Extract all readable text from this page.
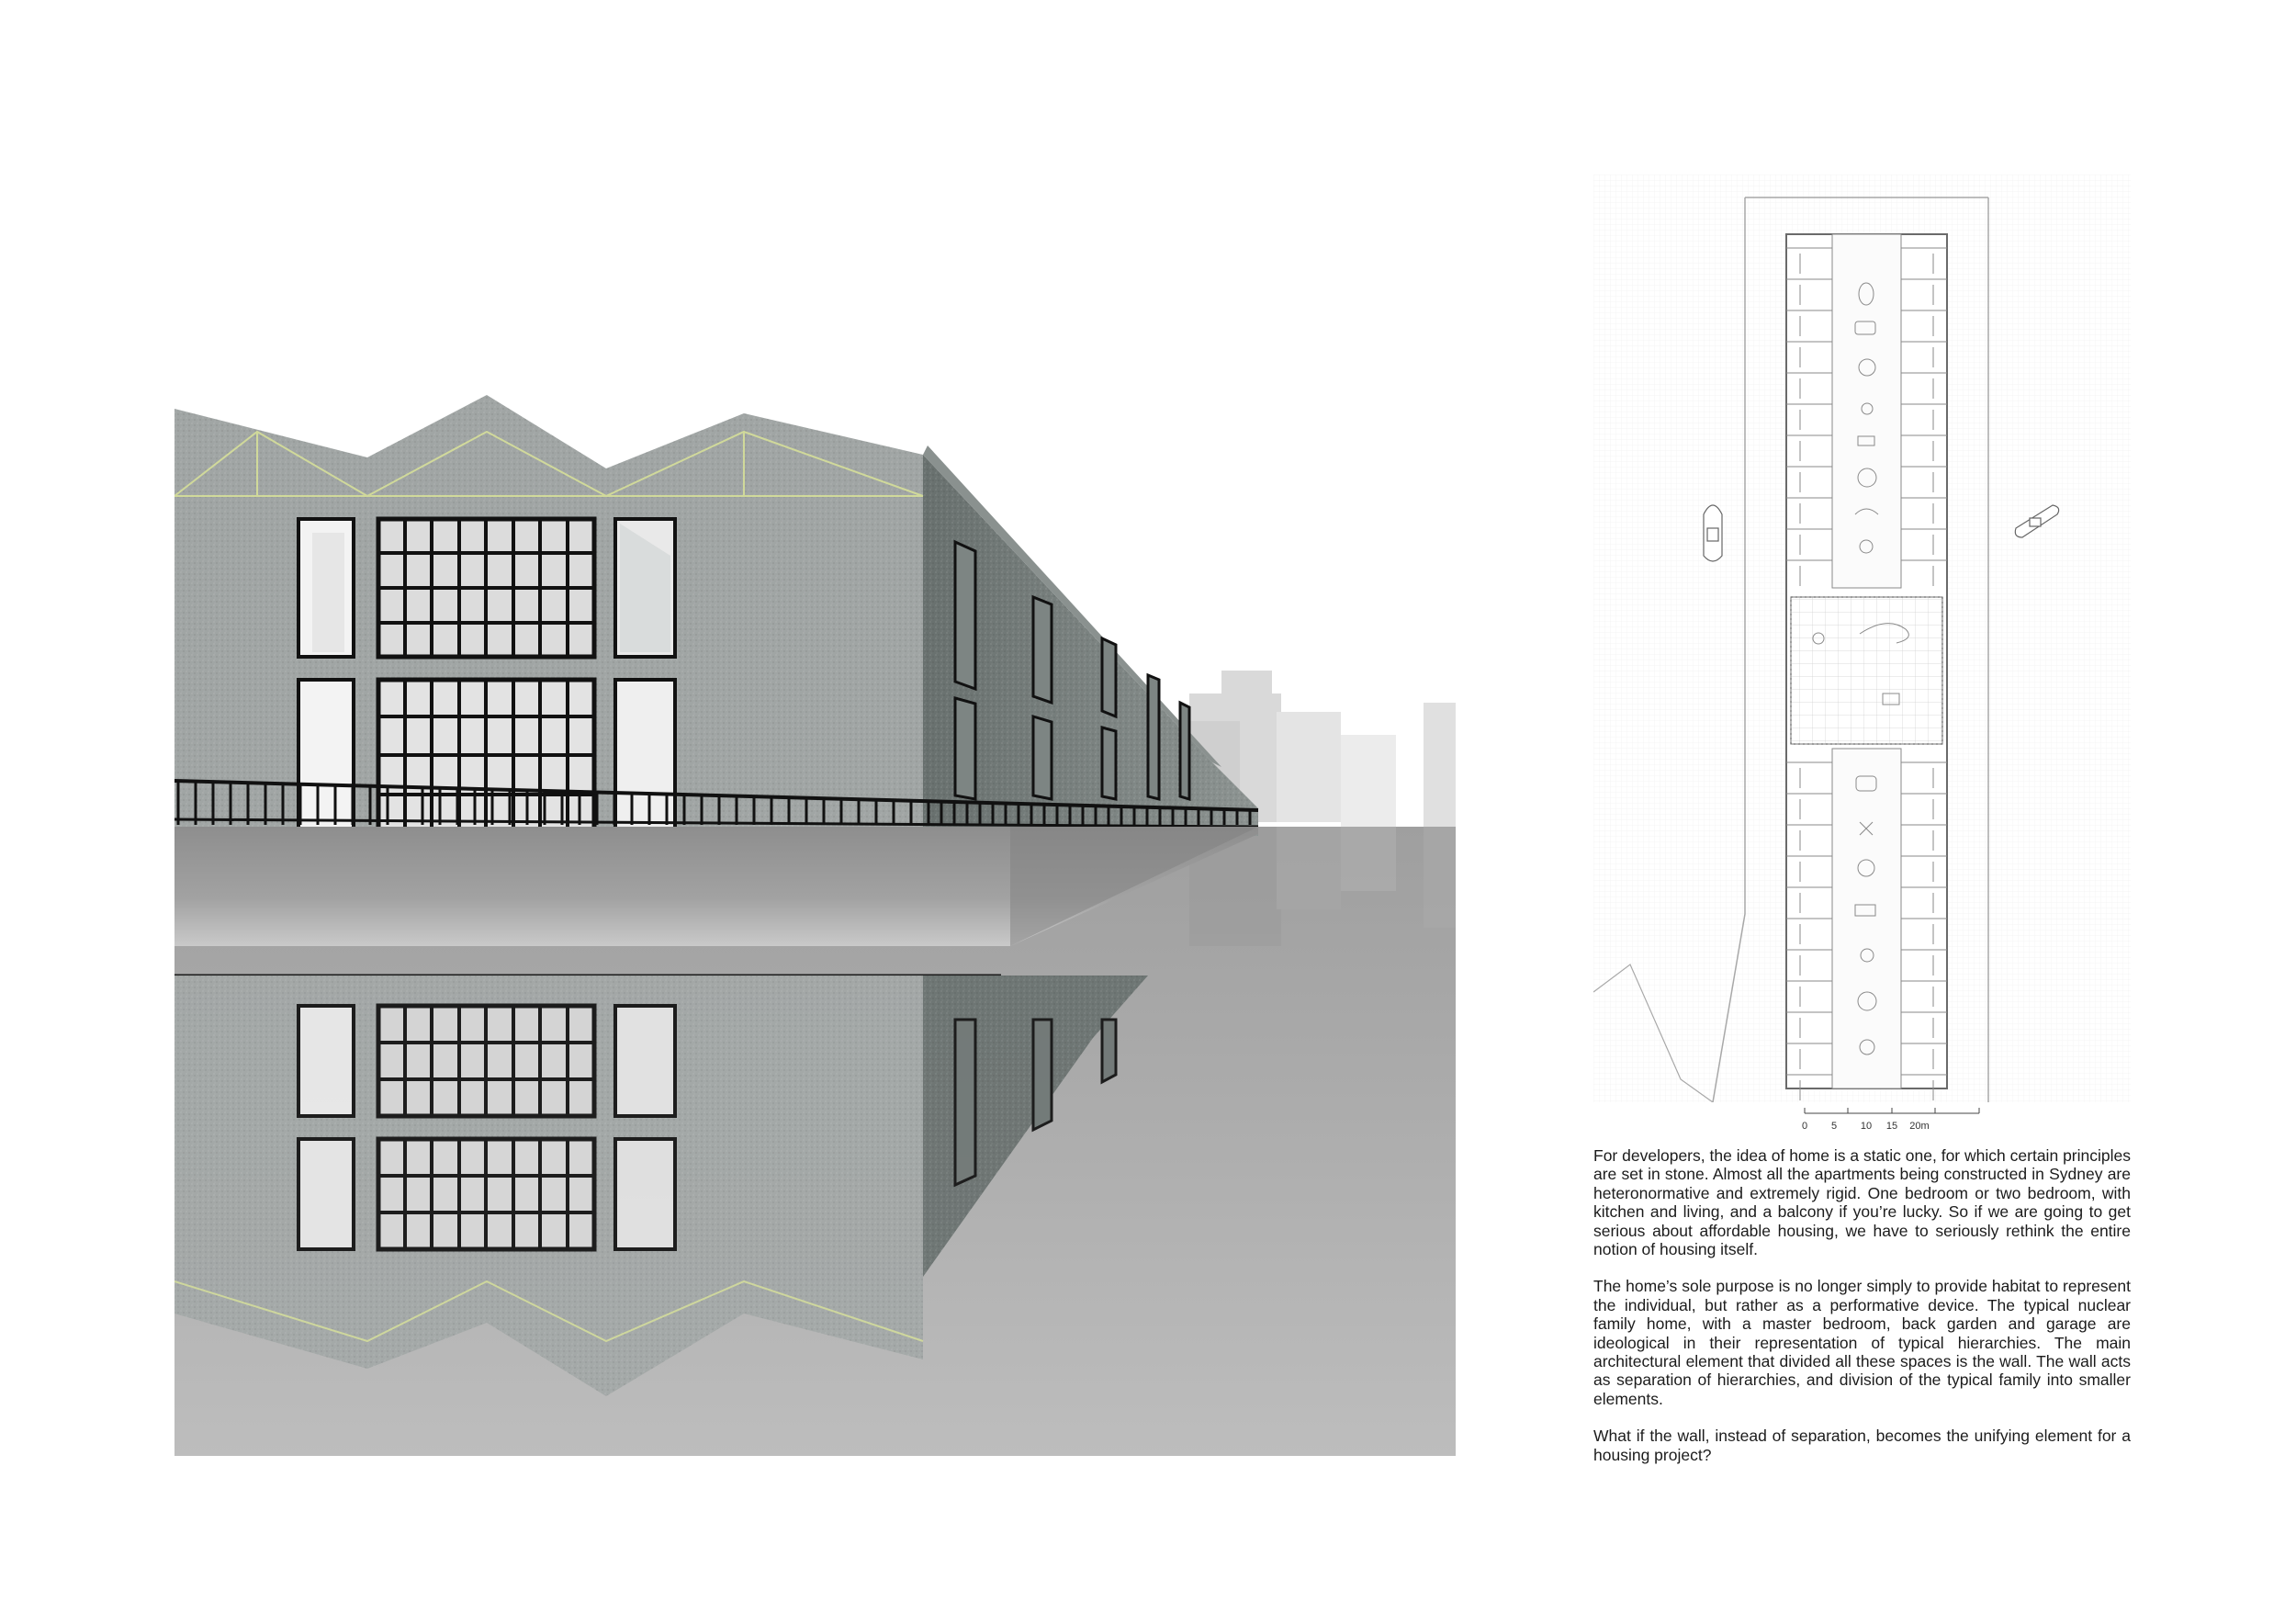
0 5 10 15 20m

For developers, the idea of home is a static one, for which certain principles are set in stone. Almost all the apartments being constructed in Sydney are heteronormative and extremely rigid. One bedroom or two bedroom, with kitchen and living, and a balcony if you’re lucky. So if we are going to get serious about affordable housing, we have to seriously rethink the entire notion of housing itself.

The home’s sole purpose is no longer simply to provide habitat to represent the individual, but rather as a performative device. The typical nuclear family home, with a master bedroom, back garden and garage are ideological in their representation of typical hierarchies. The main architectural element that divided all these spaces is the wall. The wall acts as separation of hierarchies, and division of the typical family into smaller elements.

What if the wall, instead of separation, becomes the unifying element for a housing project?
